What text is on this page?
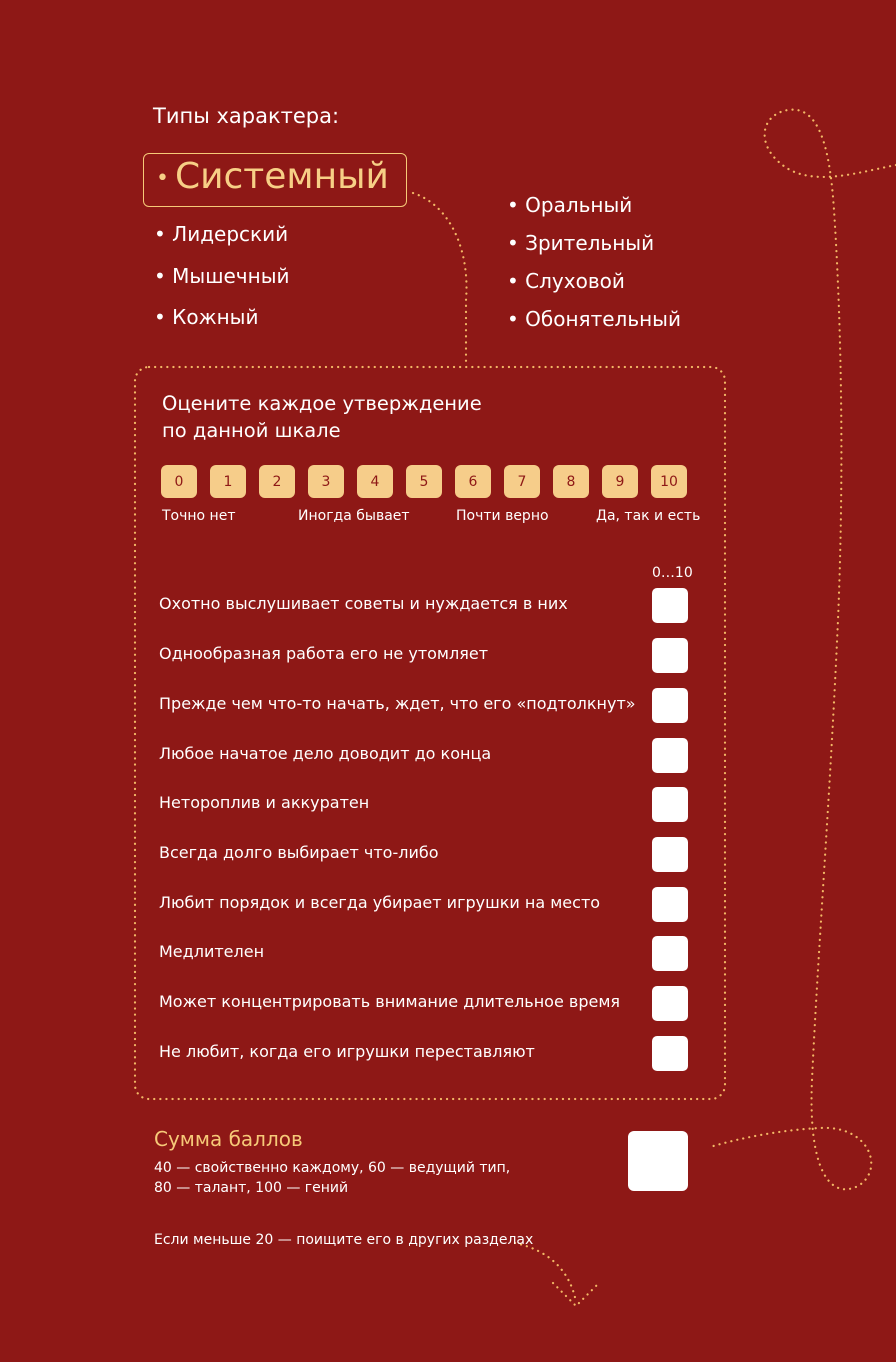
Типы характера:
• Системный
• Лидерский
• Мышечный
• Кожный
• Оральный
• Зрительный
• Слуховой
• Обонятельный
Оцените каждое утверждение
по данной шкале
0	1	2	3	4	5	6	7	8	9	10
Точно нет	Иногда бывает	Почти верно	Да, так и есть
0…10
Охотно выслушивает советы и нуждается в них
Однообразная работа его не утомляет
Прежде чем что-то начать, ждет, что его «подтолкнут»
Любое начатое дело доводит до конца
Нетороплив и аккуратен
Всегда долго выбирает что-либо
Любит порядок и всегда убирает игрушки на место
Медлителен
Может концентрировать внимание длительное время
Не любит, когда его игрушки переставляют
Сумма баллов
40 — свойственно каждому, 60 — ведущий тип,
80 — талант, 100 — гений
Если меньше 20 — поищите его в других разделах
